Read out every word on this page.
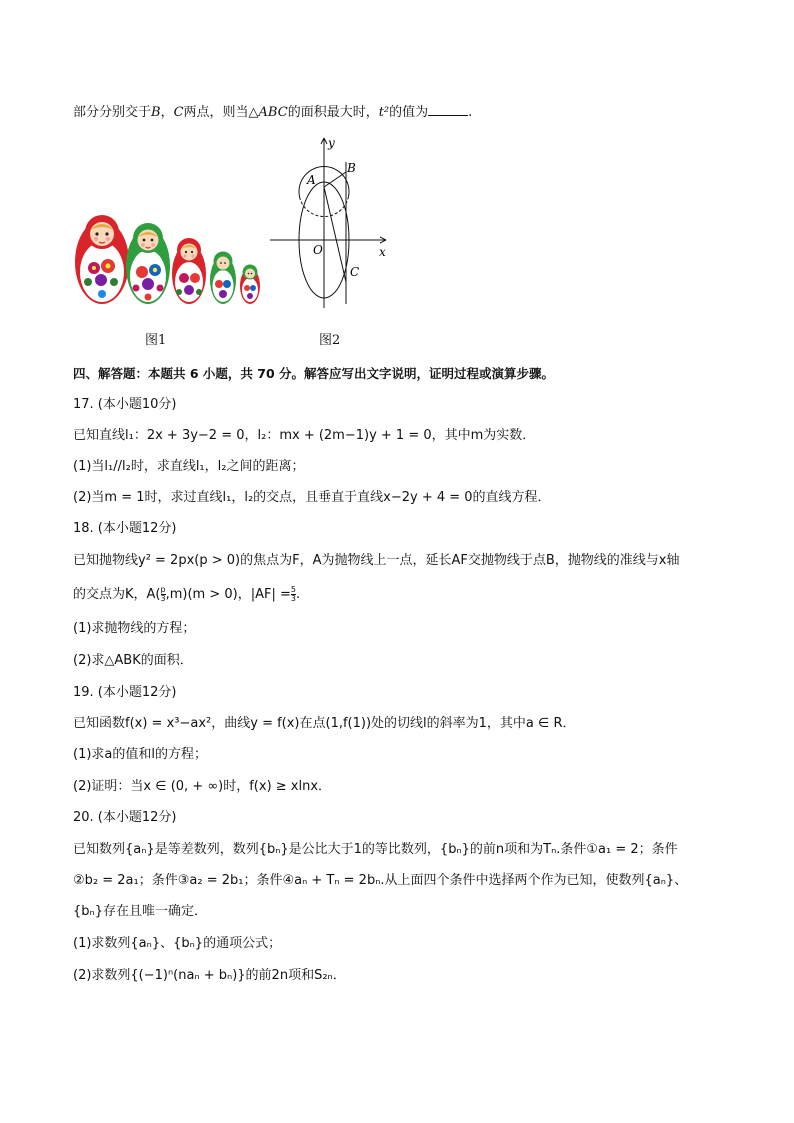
部分分别交于B，C两点，则当△ABC的面积最大时，t²的值为	.
y
x
A
B
O
C
图1	图2
四、解答题：本题共 6 小题，共 70 分。解答应写出文字说明，证明过程或演算步骤。
17. (本小题10分)
已知直线l₁：2x + 3y−2 = 0，l₂：mx + (2m−1)y + 1 = 0，其中m为实数．
(1)当l₁//l₂时，求直线l₁，l₂之间的距离；
(2)当m = 1时，求过直线l₁，l₂的交点，且垂直于直线x−2y + 4 = 0的直线方程．
18. (本小题12分)
已知抛物线y² = 2px(p > 0)的焦点为F，A为抛物线上一点，延长AF交抛物线于点B，抛物线的准线与x轴
的交点为K，$A( \frac{p}{3} ,m)(m > 0)$，$|AF| = \frac{5}{3}$ .
(1)求抛物线的方程；
(2)求△ABK的面积．
19. (本小题12分)
已知函数f(x) = x³−ax²，曲线y = f(x)在点(1,f(1))处的切线l的斜率为1，其中a ∈ R．
(1)求a的值和l的方程；
(2)证明：当x ∈ (0, + ∞)时，f(x) ≥ xlnx．
20. (本小题12分)
已知数列{aₙ}是等差数列，数列{bₙ}是公比大于1的等比数列，{bₙ}的前n项和为Tₙ.条件①a₁ = 2；条件
②b₂ = 2a₁；条件③a₂ = 2b₁；条件④aₙ + Tₙ = 2bₙ.从上面四个条件中选择两个作为已知，使数列{aₙ}、
{bₙ}存在且唯一确定．
(1)求数列{aₙ}、{bₙ}的通项公式；
(2)求数列{(−1)ⁿ(naₙ + bₙ)}的前2n项和S₂ₙ．
